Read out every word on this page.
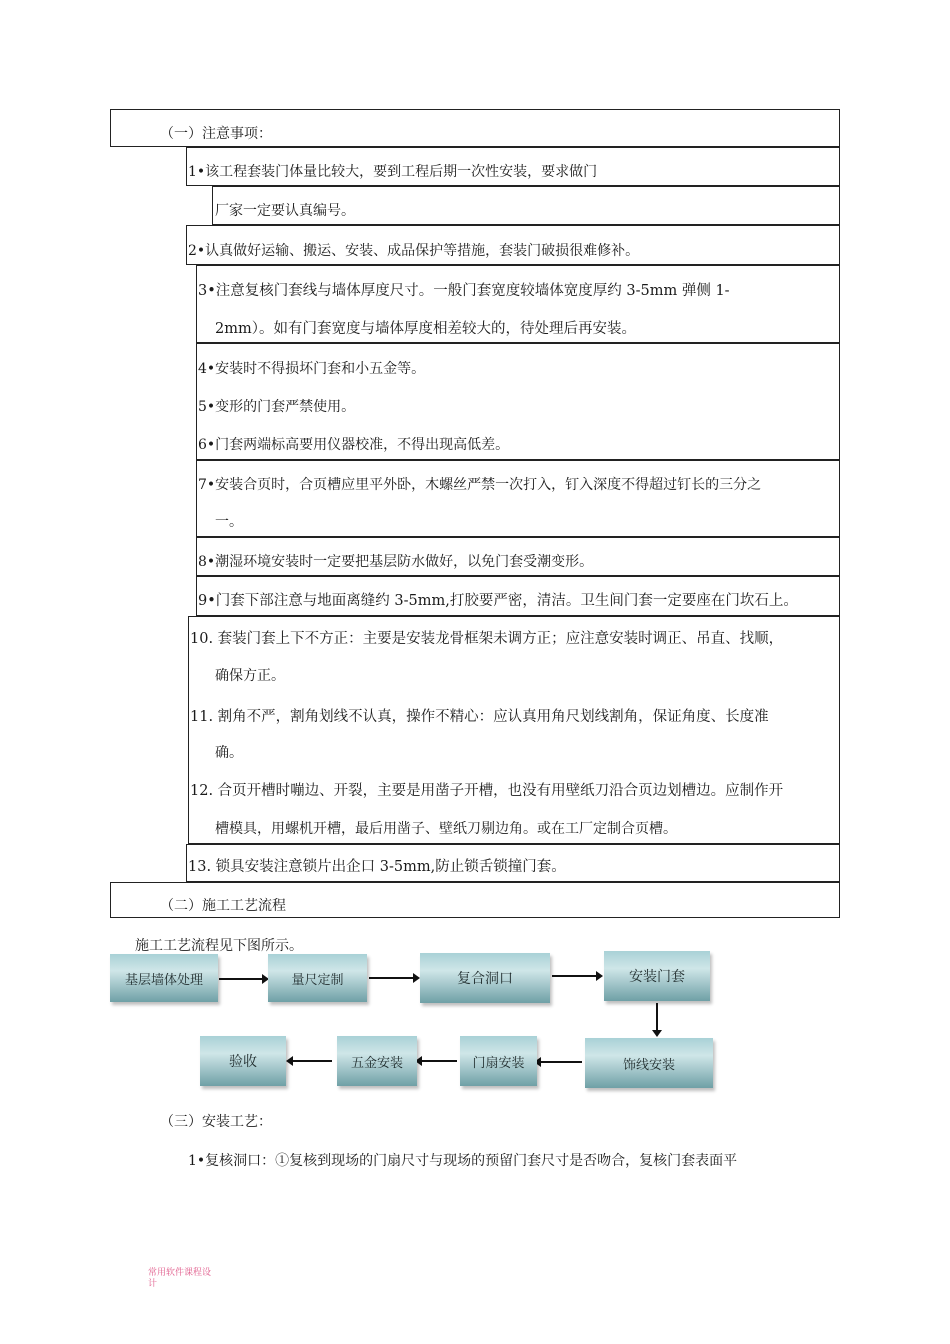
（一）注意事项：
1•该工程套装门体量比较大，要到工程后期一次性安装，要求做门
厂家一定要认真编号。
2•认真做好运输、搬运、安装、成品保护等措施，套装门破损很难修补。
3•注意复核门套线与墙体厚度尺寸。一般门套宽度较墙体宽度厚约 3-5mm 弹侧 1-
2mm）。如有门套宽度与墙体厚度相差较大的，待处理后再安装。
4•安装时不得损坏门套和小五金等。
5•变形的门套严禁使用。
6•门套两端标高要用仪器校准，不得出现高低差。
7•安装合页时，合页槽应里平外卧，木螺丝严禁一次打入，钉入深度不得超过钉长的三分之
一。
8•潮湿环境安装时一定要把基层防水做好，以免门套受潮变形。
9•门套下部注意与地面离缝约 3-5mm,打胶要严密，清洁。卫生间门套一定要座在门坎石上。
10. 套装门套上下不方正：主要是安装龙骨框架未调方正；应注意安装时调正、吊直、找顺，
确保方正。
11. 割角不严，割角划线不认真，操作不精心：应认真用角尺划线割角，保证角度、长度准
确。
12. 合页开槽时嘣边、开裂，主要是用凿子开槽，也没有用壁纸刀沿合页边划槽边。应制作开
槽模具，用螺机开槽，最后用凿子、壁纸刀剔边角。或在工厂定制合页槽。
13. 锁具安装注意锁片出企口 3-5mm,防止锁舌锁撞门套。
（二）施工工艺流程
施工工艺流程见下图所示。
基层墙体处理	量尺定制	复合洞口	安装门套
饰线安装
门扇安装
五金安装
验收
（三）安装工艺：
1•复核洞口：①复核到现场的门扇尺寸与现场的预留门套尺寸是否吻合，复核门套表面平
常用软件课程设
计
